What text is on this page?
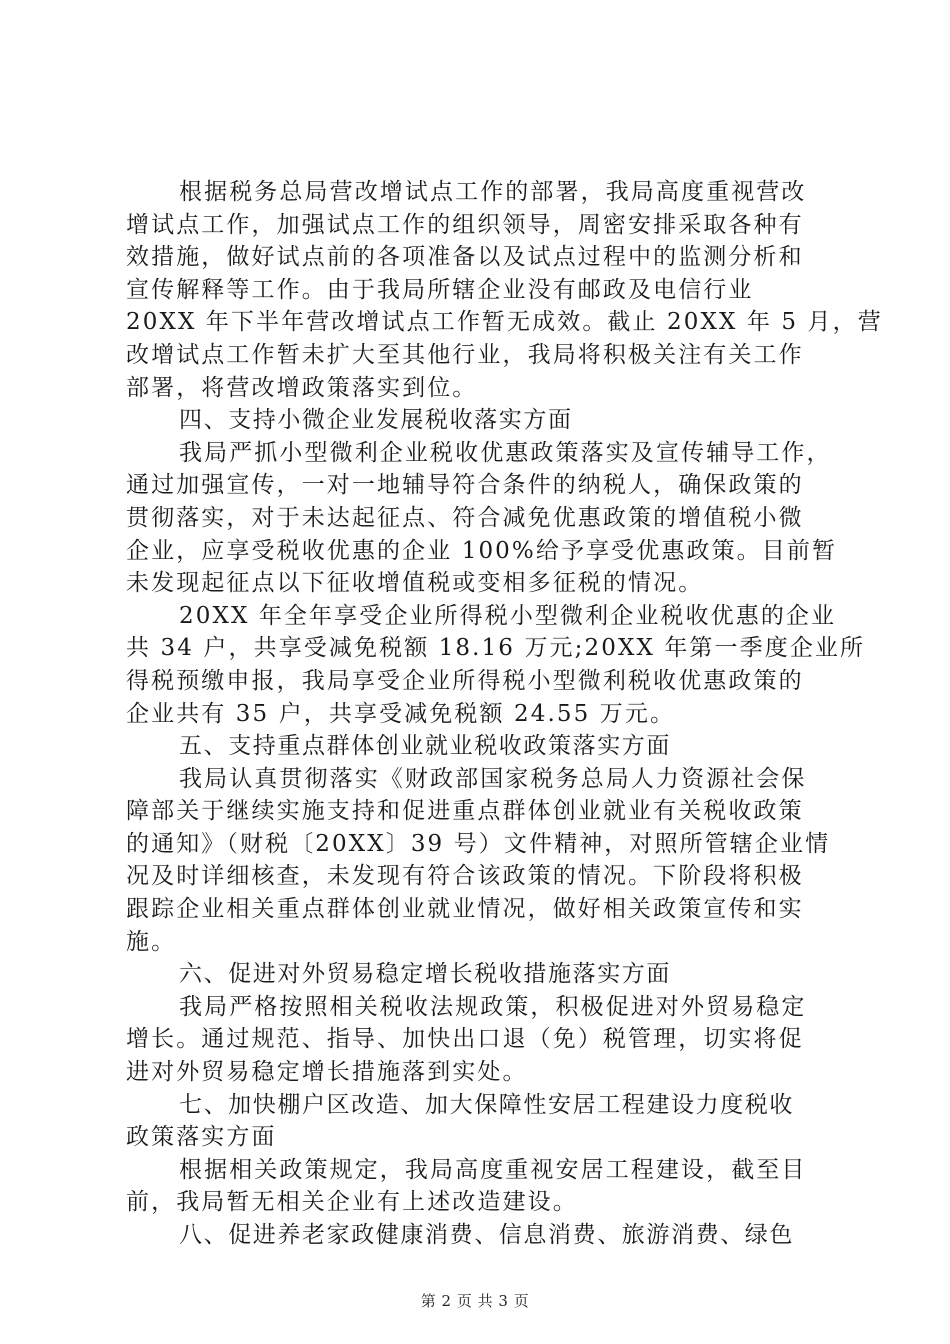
根据税务总局营改增试点工作的部署，我局高度重视营改
增试点工作，加强试点工作的组织领导，周密安排采取各种有
效措施，做好试点前的各项准备以及试点过程中的监测分析和
宣传解释等工作。由于我局所辖企业没有邮政及电信行业
20XX 年下半年营改增试点工作暂无成效。截止 20XX 年 5 月，营
改增试点工作暂未扩大至其他行业，我局将积极关注有关工作
部署，将营改增政策落实到位。
四、支持小微企业发展税收落实方面
我局严抓小型微利企业税收优惠政策落实及宣传辅导工作，
通过加强宣传，一对一地辅导符合条件的纳税人，确保政策的
贯彻落实，对于未达起征点、符合减免优惠政策的增值税小微
企业，应享受税收优惠的企业 100%给予享受优惠政策。目前暂
未发现起征点以下征收增值税或变相多征税的情况。
20XX 年全年享受企业所得税小型微利企业税收优惠的企业
共 34 户，共享受减免税额 18.16 万元;20XX 年第一季度企业所
得税预缴申报，我局享受企业所得税小型微利税收优惠政策的
企业共有 35 户，共享受减免税额 24.55 万元。
五、支持重点群体创业就业税收政策落实方面
我局认真贯彻落实《财政部国家税务总局人力资源社会保
障部关于继续实施支持和促进重点群体创业就业有关税收政策
的通知》（财税〔20XX〕39 号）文件精神，对照所管辖企业情
况及时详细核查，未发现有符合该政策的情况。下阶段将积极
跟踪企业相关重点群体创业就业情况，做好相关政策宣传和实
施。
六、促进对外贸易稳定增长税收措施落实方面
我局严格按照相关税收法规政策，积极促进对外贸易稳定
增长。通过规范、指导、加快出口退（免）税管理，切实将促
进对外贸易稳定增长措施落到实处。
七、加快棚户区改造、加大保障性安居工程建设力度税收
政策落实方面
根据相关政策规定，我局高度重视安居工程建设，截至目
前，我局暂无相关企业有上述改造建设。
八、促进养老家政健康消费、信息消费、旅游消费、绿色
第 2 页 共 3 页
